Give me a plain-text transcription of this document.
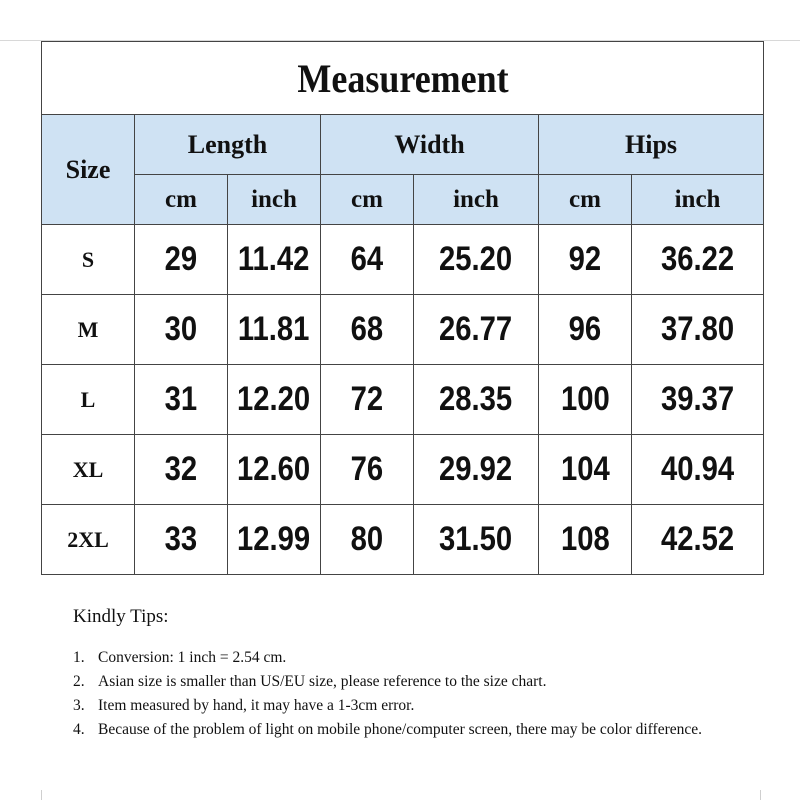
Measurement						
Size	Length		Width		Hips	
	cm	inch	cm	inch	cm	inch
S	29	11.42	64	25.20	92	36.22
M	30	11.81	68	26.77	96	37.80
L	31	12.20	72	28.35	100	39.37
XL	32	12.60	76	29.92	104	40.94
2XL	33	12.99	80	31.50	108	42.52

Kindly Tips:

1. Conversion: 1 inch = 2.54 cm.
2. Asian size is smaller than US/EU size, please reference to the size chart.
3. Item measured by hand, it may have a 1-3cm error.
4. Because of the problem of light on mobile phone/computer screen, there may be color difference.
